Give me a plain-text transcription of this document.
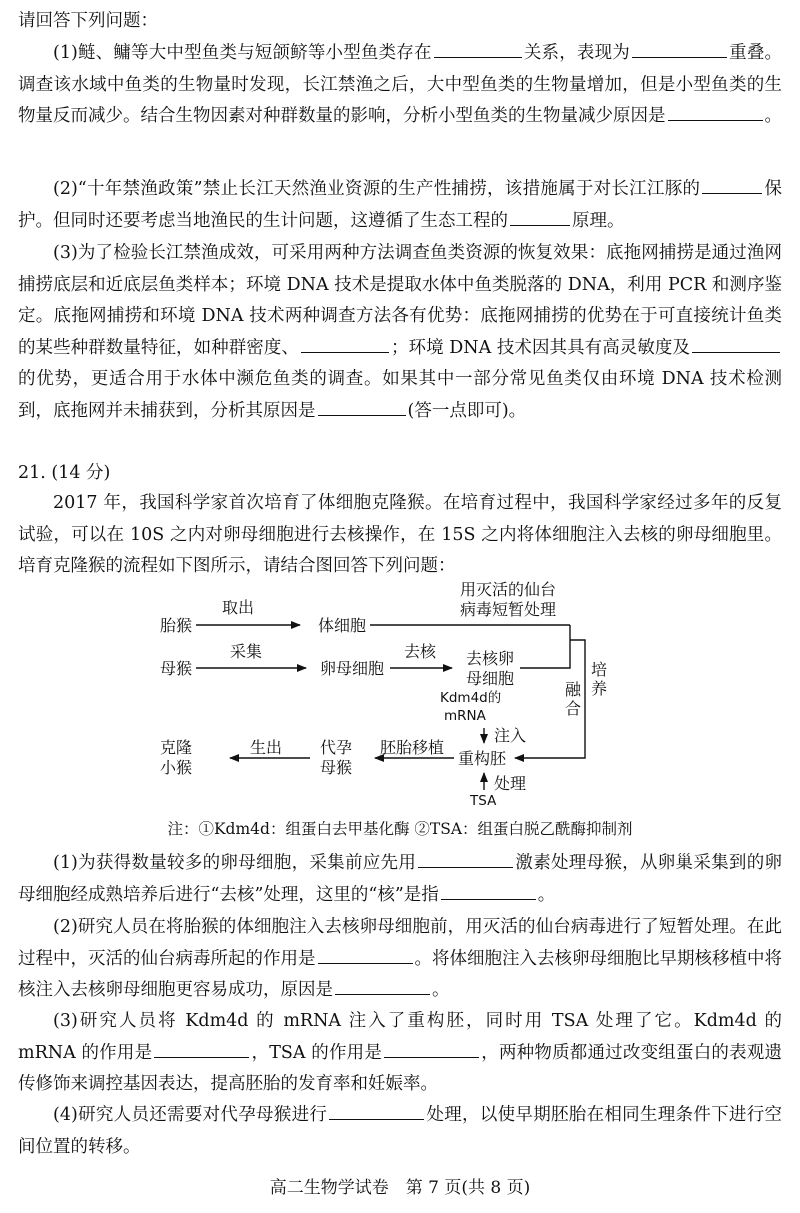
请回答下列问题：

(1)鲢、鳙等大中型鱼类与短颌鲚等小型鱼类存在	关系，表现为	重叠。调查该水域中鱼类的生物量时发现，长江禁渔之后，大中型鱼类的生物量增加，但是小型鱼类的生物量反而减少。结合生物因素对种群数量的影响，分析小型鱼类的生物量减少原因是	。

(2)“十年禁渔政策”禁止长江天然渔业资源的生产性捕捞，该措施属于对长江江豚的	保护。但同时还要考虑当地渔民的生计问题，这遵循了生态工程的	原理。

(3)为了检验长江禁渔成效，可采用两种方法调查鱼类资源的恢复效果：底拖网捕捞是通过渔网捕捞底层和近底层鱼类样本；环境 DNA 技术是提取水体中鱼类脱落的 DNA，利用 PCR 和测序鉴定。底拖网捕捞和环境 DNA 技术两种调查方法各有优势：底拖网捕捞的优势在于可直接统计鱼类的某些种群数量特征，如种群密度、	；环境 DNA 技术因其具有高灵敏度及的优势，更适合用于水体中濒危鱼类的调查。如果其中一部分常见鱼类仅由环境 DNA 技术检测到，底拖网并未捕获到，分析其原因是	(答一点即可)。

21. (14 分)

2017 年，我国科学家首次培育了体细胞克隆猴。在培育过程中，我国科学家经过多年的反复试验，可以在 10S 之内对卵母细胞进行去核操作，在 15S 之内将体细胞注入去核的卵母细胞里。培育克隆猴的流程如下图所示，请结合图回答下列问题：

胎猴
取出
体细胞
用灭活的仙台
病毒短暂处理
母猴
采集
卵母细胞
去核 去核卵
母细胞
Kdm4d的
mRNA
注入
融合
培养
克隆
小猴
生出 代孕
母猴
胚胎移植
重构胚
处理
TSA
注：①Kdm4d：组蛋白去甲基化酶 ②TSA：组蛋白脱乙酰酶抑制剂

(1)为获得数量较多的卵母细胞，采集前应先用	激素处理母猴，从卵巢采集到的卵母细胞经成熟培养后进行“去核”处理，这里的“核”是指	。

(2)研究人员在将胎猴的体细胞注入去核卵母细胞前，用灭活的仙台病毒进行了短暂处理。在此过程中，灭活的仙台病毒所起的作用是	。将体细胞注入去核卵母细胞比早期核移植中将核注入去核卵母细胞更容易成功，原因是	。

(3)研究人员将 Kdm4d 的 mRNA 注入了重构胚，同时用 TSA 处理了它。Kdm4d 的 mRNA 的作用是	，TSA 的作用是	，两种物质都通过改变组蛋白的表观遗传修饰来调控基因表达，提高胚胎的发育率和妊娠率。

(4)研究人员还需要对代孕母猴进行	处理，以使早期胚胎在相同生理条件下进行空间位置的转移。

高二生物学试卷　第 7 页(共 8 页)
